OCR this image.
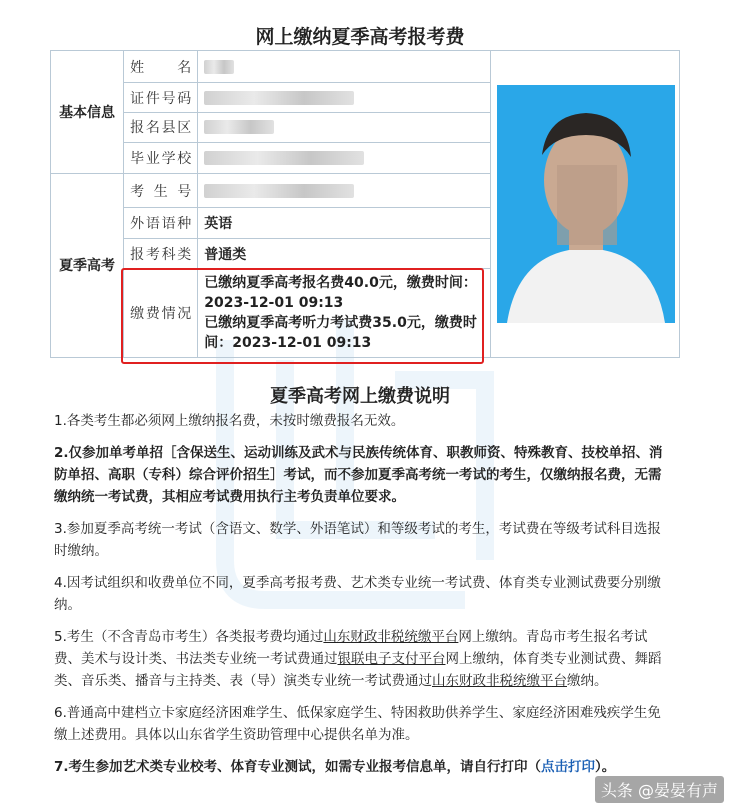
网上缴纳夏季高考报考费
基本信息	姓　　名		

	证件号码		
	报名县区		
	毕业学校		
夏季高考	考 生 号		
	外语语种	英语	
	报考科类	普通类	
	缴费情况	已缴纳夏季高考报名费40.0元，缴费时间：2023-12-01 09:13
已缴纳夏季高考听力考试费35.0元，缴费时间：2023-12-01 09:13	
夏季高考网上缴费说明

1.各类考生都必须网上缴纳报名费，未按时缴费报名无效。

2.仅参加单考单招［含保送生、运动训练及武术与民族传统体育、职教师资、特殊教育、技校单招、消防单招、高职（专科）综合评价招生］考试，而不参加夏季高考统一考试的考生，仅缴纳报名费，无需缴纳统一考试费，其相应考试费用执行主考负责单位要求。

3.参加夏季高考统一考试（含语文、数学、外语笔试）和等级考试的考生，考试费在等级考试科目选报时缴纳。

4.因考试组织和收费单位不同，夏季高考报考费、艺术类专业统一考试费、体育类专业测试费要分别缴纳。

5.考生（不含青岛市考生）各类报考费均通过山东财政非税统缴平台网上缴纳。青岛市考生报名考试费、美术与设计类、书法类专业统一考试费通过银联电子支付平台网上缴纳，体育类专业测试费、舞蹈类、音乐类、播音与主持类、表（导）演类专业统一考试费通过山东财政非税统缴平台缴纳。

6.普通高中建档立卡家庭经济困难学生、低保家庭学生、特困救助供养学生、家庭经济困难残疾学生免缴上述费用。具体以山东省学生资助管理中心提供名单为准。

7.考生参加艺术类专业校考、体育专业测试，如需专业报考信息单，请自行打印（点击打印）。

头条 @晏晏有声
